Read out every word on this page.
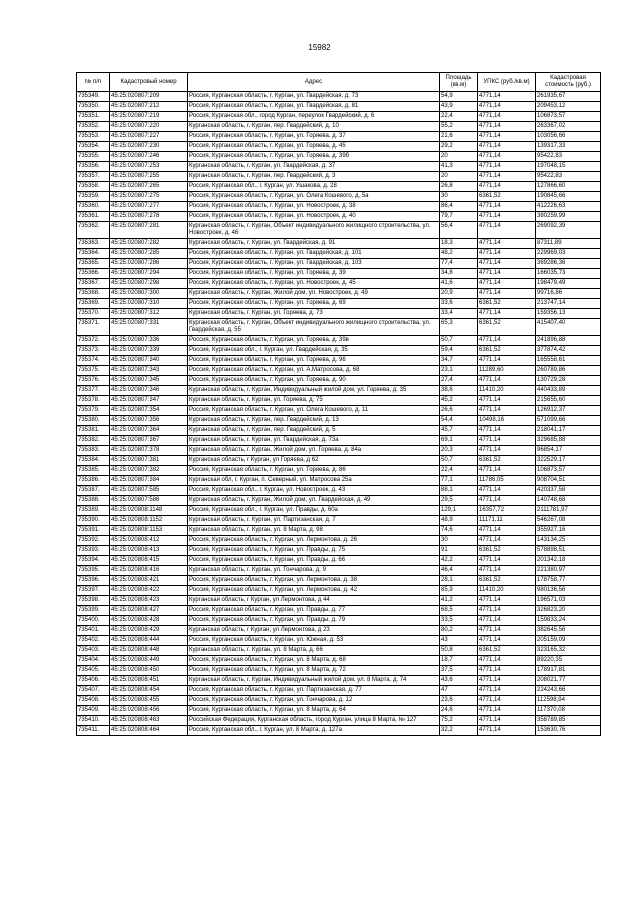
15982
№ п/п	Кадастровый номер	Адрес	Площадь (кв.м)	УПКС (руб./кв.м)	Кадастровая стоимость (руб.)
735349.	45:25:020807:209	Россия, Курганская область, г. Курган, ул. Гвардейская, д. 73	54,9	4771,14	261935,67
735350.	45:25:020807:212	Россия, Курганская область, г. Курган, ул. Гвардейская, д. 81	43,9	4771,14	209453,12
735351.	45:25:020807:219	Россия, Курганская обл., город Курган, переулок Гвардейский, д. 6	22,4	4771,14	106873,57
735352.	45:25:020807:220	Курганская область, г. Курган, пер. Гвардейский, д. 10	55,2	4771,14	263367,02
735353.	45:25:020807:227	Россия, Курганская область, г. Курган, ул. Горяева, д. 37	21,6	4771,14	103056,66
735354.	45:25:020807:230	Россия, Курганская область, г. Курган, ул. Горяева, д. 45	29,2	4771,14	139317,33
735355.	45:25:020807:246	Россия, Курганская область, г. Курган, ул. Горяева, д. 39б	20	4771,14	95422,83
735356.	45:25:020807:253	Курганская область, г. Курган, ул. Гвардейская, д. 37	41,3	4771,14	197048,15
735357.	45:25:020807:255	Курганская область, г. Курган, пер. Гвардейский, д. 3	20	4771,14	95422,83
735358.	45:25:020807:265	Россия, Курганская обл., г. Курган, ул. Ушакова, д. 28	26,8	4771,14	127866,60
735359.	45:25:020807:275	Россия, Курганская область, г. Курган, ул. Олега Кошевого, д. 5а	30	6361,52	190845,66
735360.	45:25:020807:277	Россия, Курганская область, г. Курган, ул. Новостроек, д. 38	86,4	4771,14	412226,63
735361.	45:25:020807:278	Россия, Курганская область, г. Курган, ул. Новостроек, д. 40	79,7	4771,14	380259,99
735362.	45:25:020807:281	Курганская область, г. Курган, Объект индивидуального жилищного строительства, ул. Новостроек, д. 46	56,4	4771,14	269092,39
735363.	45:25:020807:282	Курганская область, г. Курган, ул. Гвардейская, д. 91	18,3	4771,14	87311,89
735364.	45:25:020807:285	Россия, Курганская область, г. Курган, ул. Гвардейская, д. 101	48,2	4771,14	229969,03
735365.	45:25:020807:286	Россия, Курганская область, г. Курган, ул. Гвардейская, д. 103	77,4	4771,14	369286,36
735366.	45:25:020807:294	Россия, Курганская область, г. Курган, ул. Горяева, д. 39	34,8	4771,14	166035,73
735367.	45:25:020807:298	Россия, Курганская область, г. Курган, ул. Новостроек, д. 45	41,6	4771,14	198479,49
735368.	45:25:020807:300	Курганская область, г. Курган, Жилой дом, ул. Новостроек, д. 49	20,9	4771,14	99716,86
735369.	45:25:020807:310	Россия, Курганская область, г. Курган, ул. Горяева, д. 69	33,6	6361,52	213747,14
735370.	45:25:020807:312	Курганская область, г. Курган, ул. Горяева, д. 73	33,4	4771,14	159356,13
735371.	45:25:020807:331	Курганская область, г. Курган, Объект индивидуального жилищного строительства, ул. Гвардейская, д. 55	65,3	6361,52	415407,40
735372.	45:25:020807:336	Россия, Курганская область, г. Курган, ул. Горяева, д. 39в	50,7	4771,14	241896,88
735373.	45:25:020807:339	Россия, Курганская обл., г. Курган, ул. Гвардейская, д. 35	59,4	6361,52	377874,42
735374.	45:25:020807:340	Россия, Курганская область, г. Курган, ул. Горяева, д. 96	34,7	4771,14	165558,61
735375.	45:25:020807:343	Россия, Курганская область, г. Курган, ул. А.Матросова, д. 68	23,1	11289,60	260789,86
735376.	45:25:020807:345	Россия, Курганская область, г. Курган, ул. Горяева, д. 90	27,4	4771,14	130729,28
735377.	45:25:020807:346	Курганская область, г. Курган, Индивидуальный жилой дом, ул. Горяева, д. 35	38,6	11410,20	440433,89
735378.	45:25:020807:347	Курганская область, г. Курган, ул. Горяева, д. 75	45,2	4771,14	215655,60
735379.	45:25:020807:354	Россия, Курганская область, г. Курган, ул. Олега Кошевого, д. 11	26,6	4771,14	126912,37
735380.	45:25:020807:356	Курганская область, г. Курган, пер. Гвардейский, д. 13	54,4	10498,16	571099,66
735381.	45:25:020807:364	Курганская область, г. Курган, пер. Гвардейский, д. 5	45,7	4771,14	218041,17
735382.	45:25:020807:367	Курганская область, г. Курган, ул. Гвардейская, д. 73а	69,1	4771,14	329685,88
735383.	45:25:020807:378	Курганская область, г. Курган, Жилой дом, ул. Горяева, д. 84а	20,3	4771,14	96854,17
735384.	45:25:020807:381	Курганская область, г Курган, ул Горяева, д 62	50,7	6361,52	322529,17
735385.	45:25:020807:382	Россия, Курганская область, г. Курган, ул. Горяева, д. 86	22,4	4771,14	106873,57
735386.	45:25:020807:384	Курганская обл, г. Курган, п. Северный, ул. Матросова 25а	77,1	11786,05	908704,51
735387.	45:25:020807:585	Россия, Курганская обл., г. Курган, ул. Новостроек, д. 43	88,1	4771,14	420337,58
735388.	45:25:020807:586	Курганская область, г. Курган, Жилой дом, ул. Гвардейская, д. 49	29,5	4771,14	140748,68
735389.	45:25:020808:1148	Россия, Курганская обл., г. Курган, ул. Правды, д. 60а	129,1	16357,72	2111781,97
735390.	45:25:020808:1152	Курганская область, г. Курган, ул. Партизанская, д. 7	48,9	11171,11	546267,08
735391.	45:25:020808:1153	Курганская область, г. Курган, ул. 8 Марта, д. 98	74,6	4771,14	355927,16
735392.	45:25:020808:412	Россия, Курганская область, г. Курган, ул. Лермонтова, д. 26	30	4771,14	143134,25
735393.	45:25:020808:413	Россия, Курганская область, г. Курган, ул. Правды, д. 75	91	6361,52	578898,51
735394.	45:25:020808:415	Россия, Курганская область, г. Курган, ул. Правды, д. 66	42,2	4771,14	201342,18
735395.	45:25:020808:416	Курганская область, г. Курган, ул. Гончарова, д. 9	46,4	4771,14	221380,97
735396.	45:25:020808:421	Россия, Курганская область, г. Курган, ул. Лермонтова, д. 38	28,1	6361,52	178758,77
735397.	45:25:020808:422	Россия, Курганская область, г. Курган, ул. Лермонтова, д. 42	85,9	11410,20	980136,56
735398.	45:25:020808:423	Курганская область, г Курган, ул Лермонтова, д 44	41,2	4771,14	196571,03
735399.	45:25:020808:427	Россия, Курганская область, г. Курган, ул. Правды, д. 77	68,5	4771,14	326823,20
735400.	45:25:020808:428	Россия, Курганская область, г. Курган, ул. Правды, д. 79	33,5	4771,14	159833,24
735401.	45:25:020808:429	Курганская область, г Курган, ул Лермонтова, д 23	80,2	4771,14	382645,56
735402.	45:25:020808:444	Россия, Курганская область, г. Курган, ул. Южная, д. 53	43	4771,14	205159,09
735403.	45:25:020808:448	Курганская область, г. Курган, ул. 8 Марта, д. 66	50,8	6361,52	323165,32
735404.	45:25:020808:449	Россия, Курганская область, г. Курган, ул. 8 Марта, д. 68	18,7	4771,14	89220,35
735405.	45:25:020808:450	Россия, Курганская область, г. Курган, ул. 8 Марта, д. 72	37,5	4771,14	178917,81
735406.	45:25:020808:451	Курганская область, г. Курган, Индивидуальный жилой дом, ул. 8 Марта, д. 74	43,6	4771,14	208021,77
735407.	45:25:020808:454	Россия, Курганская область, г. Курган, ул. Партизанская, д. 77	47	4771,14	224243,66
735408.	45:25:020808:455	Россия, Курганская область, г. Курган, ул. Гончарова, д. 12	23,6	4771,14	112598,94
735409.	45:25:020808:456	Россия, Курганская область, г. Курган, ул. 8 Марта, д. 64	24,6	4771,14	117370,08
735410.	45:25:020808:463	Российская Федерация, Курганская область, город Курган, улица 8 Марта, № 127	75,2	4771,14	358789,85
735411.	45:25:020808:464	Россия, Курганская обл., г. Курган, ул. 8 Марта, д. 127а	32,2	4771,14	153630,76
